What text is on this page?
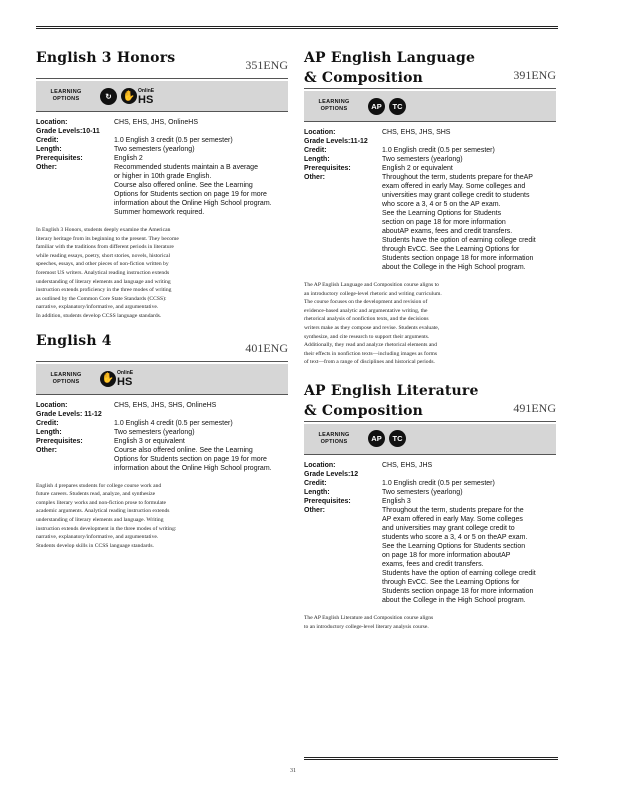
English 3 Honors	351ENG
LEARNING OPTIONS	↻	✋ OnlinE
HS
Location:	CHS, EHS, JHS, OnlineHS

Grade Levels:10-11
Credit:	1.0 English 3 credit (0.5 per semester)

Length:	Two semesters (yearlong)

Prerequisites:	English 2

Other:	Recommended students maintain a B average

or higher in 10th grade English.

Course also offered online. See the Learning

Options for Students section on page 19 for more

information about the Online High School program.

Summer homework required.

In English 3 Honors, students deeply examine the American

literary heritage from its beginning to the present. They become

familiar with the traditions from different periods in literature

while reading essays, poetry, short stories, novels, historical

speeches, essays, and other pieces of non-fiction written by

foremost US writers. Analytical reading instruction extends

understanding of literary elements and language and writing

instruction extends proficiency in the three modes of writing

as outlined by the Common Core State Standards (CCSS):

narrative, explanatory/informative, and argumentative.

In addition, students develop CCSS language standards.

English 4	401ENG
LEARNING OPTIONS	✋ OnlinE
HS
Location:	CHS, EHS, JHS, SHS, OnlineHS

Grade Levels: 11-12
Credit:	1.0 English 4 credit (0.5 per semester)

Length:	Two semesters (yearlong)

Prerequisites:	English 3 or equivalent

Other:	Course also offered online. See the Learning

Options for Students section on page 19 for more

information about the Online High School program.

English 4 prepares students for college course work and

future careers. Students read, analyze, and synthesize

complex literary works and non-fiction prose to formulate

academic arguments. Analytical reading instruction extends

understanding of literary elements and language. Writing

instruction extends development in the three modes of writing:

narrative, explanatory/informative, and argumentative.

Students develop skills in CCSS language standards.

AP English Language
& Composition	391ENG
LEARNING OPTIONS	AP	TC
Location:	CHS, EHS, JHS, SHS

Grade Levels:11-12
Credit:	1.0 English credit (0.5 per semester)

Length:	Two semesters (yearlong)

Prerequisites:	English 2 or equivalent

Other:	Throughout the term, students prepare for theAP

exam offered in early May. Some colleges and

universities may grant college credit to students

who score a 3, 4 or 5 on the AP exam.

See the Learning Options for Students

section on page 18 for more information

aboutAP exams, fees and credit transfers.

Students have the option of earning college credit

through EvCC. See the Learning Options for

Students section onpage 18 for more information

about the College in the High School program.

The AP English Language and Composition course aligns to

an introductory college-level rhetoric and writing curriculum.

The course focuses on the development and revision of

evidence-based analytic and argumentative writing, the

rhetorical analysis of nonfiction texts, and the decisions

writers make as they compose and revise. Students evaluate,

synthesize, and cite research to support their arguments.

Additionally, they read and analyze rhetorical elements and

their effects in nonfiction texts—including images as forms

of text—from a range of disciplines and historical periods.

AP English Literature
& Composition	491ENG
LEARNING OPTIONS	AP	TC
Location:	CHS, EHS, JHS

Grade Levels:12
Credit:	1.0 English credit (0.5 per semester)

Length:	Two semesters (yearlong)

Prerequisites:	English 3

Other:	Throughout the term, students prepare for the

AP exam offered in early May. Some colleges

and universities may grant college credit to

students who score a 3, 4 or 5 on theAP exam.

See the Learning Options for Students section

on page 18 for more information aboutAP

exams, fees and credit transfers.

Students have the option of earning college credit

through EvCC. See the Learning Options for

Students section onpage 18 for more information

about the College in the High School program.

The AP English Literature and Composition course aligns

to an introductory college-level literary analysis course.

31
